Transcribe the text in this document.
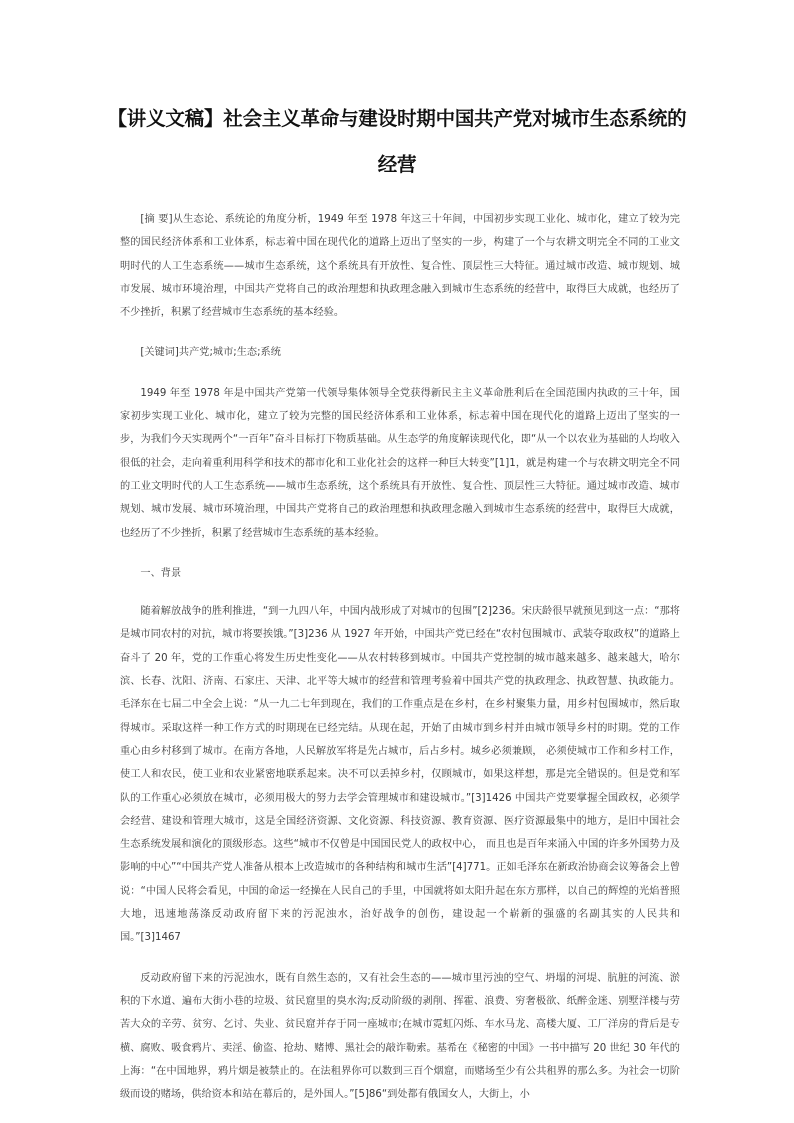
【讲义文稿】社会主义革命与建设时期中国共产党对城市生态系统的经营

[摘 要]从生态论、系统论的角度分析，1949 年至 1978 年这三十年间，中国初步实现工业化、城市化，建立了较为完整的国民经济体系和工业体系，标志着中国在现代化的道路上迈出了坚实的一步，构建了一个与农耕文明完全不同的工业文明时代的人工生态系统——城市生态系统，这个系统具有开放性、复合性、顶层性三大特征。通过城市改造、城市规划、城市发展、城市环境治理，中国共产党将自己的政治理想和执政理念融入到城市生态系统的经营中，取得巨大成就，也经历了不少挫折，积累了经营城市生态系统的基本经验。

[关键词]共产党;城市;生态;系统

1949 年至 1978 年是中国共产党第一代领导集体领导全党获得新民主主义革命胜利后在全国范围内执政的三十年，国家初步实现工业化、城市化，建立了较为完整的国民经济体系和工业体系，标志着中国在现代化的道路上迈出了坚实的一步，为我们今天实现两个“一百年”奋斗目标打下物质基础。从生态学的角度解读现代化，即“从一个以农业为基础的人均收入很低的社会，走向着重利用科学和技术的都市化和工业化社会的这样一种巨大转变”[1]1，就是构建一个与农耕文明完全不同的工业文明时代的人工生态系统——城市生态系统，这个系统具有开放性、复合性、顶层性三大特征。通过城市改造、城市规划、城市发展、城市环境治理，中国共产党将自己的政治理想和执政理念融入到城市生态系统的经营中，取得巨大成就，也经历了不少挫折，积累了经营城市生态系统的基本经验。

一、背景

随着解放战争的胜利推进，“到一九四八年，中国内战形成了对城市的包围”[2]236。宋庆龄很早就预见到这一点：“那将是城市同农村的对抗，城市将要挨饿。”[3]236 从 1927 年开始，中国共产党已经在“农村包围城市、武装夺取政权”的道路上奋斗了 20 年，党的工作重心将发生历史性变化——从农村转移到城市。中国共产党控制的城市越来越多、越来越大，哈尔滨、长春、沈阳、济南、石家庄、天津、北平等大城市的经营和管理考验着中国共产党的执政理念、执政智慧、执政能力。毛泽东在七届二中全会上说：“从一九二七年到现在，我们的工作重点是在乡村，在乡村聚集力量，用乡村包围城市，然后取得城市。采取这样一种工作方式的时期现在已经完结。从现在起，开始了由城市到乡村并由城市领导乡村的时期。党的工作重心由乡村移到了城市。在南方各地，人民解放军将是先占城市，后占乡村。城乡必须兼顾， 必须使城市工作和乡村工作，使工人和农民，使工业和农业紧密地联系起来。决不可以丢掉乡村，仅顾城市，如果这样想，那是完全错误的。但是党和军队的工作重心必须放在城市，必须用极大的努力去学会管理城市和建设城市。”[3]1426 中国共产党要掌握全国政权，必须学会经营、建设和管理大城市，这是全国经济资源、文化资源、科技资源、教育资源、医疗资源最集中的地方，是旧中国社会生态系统发展和演化的顶级形态。这些“城市不仅曾是中国国民党人的政权中心， 而且也是百年来涌入中国的许多外国势力及影响的中心”“中国共产党人准备从根本上改造城市的各种结构和城市生活”[4]771。正如毛泽东在新政治协商会议筹备会上曾说：“中国人民将会看见，中国的命运一经操在人民自己的手里，中国就将如太阳升起在东方那样，以自己的辉煌的光焰普照大地，迅速地荡涤反动政府留下来的污泥浊水，治好战争的创伤，建设起一个崭新的强盛的名副其实的人民共和国。”[3]1467

反动政府留下来的污泥浊水，既有自然生态的，又有社会生态的——城市里污浊的空气、坍塌的河堤、肮脏的河流、淤积的下水道、遍布大街小巷的垃圾、贫民窟里的臭水沟;反动阶级的剥削、挥霍、浪费、穷奢极欲、纸醉金迷、别墅洋楼与劳苦大众的辛劳、贫穷、乞讨、失业、贫民窟并存于同一座城市;在城市霓虹闪烁、车水马龙、高楼大厦、工厂洋房的背后是专横、腐败、吸食鸦片、卖淫、偷盗、抢劫、赌博、黑社会的敲诈勒索。基希在《秘密的中国》一书中描写 20 世纪 30 年代的上海：“在中国地界，鸦片烟是被禁止的。在法租界你可以数到三百个烟窟，而赌场至少有公共租界的那么多。为社会一切阶级而设的赌场，供给资本和站在幕后的，是外国人。”[5]86“到处都有俄国女人，大街上，小
